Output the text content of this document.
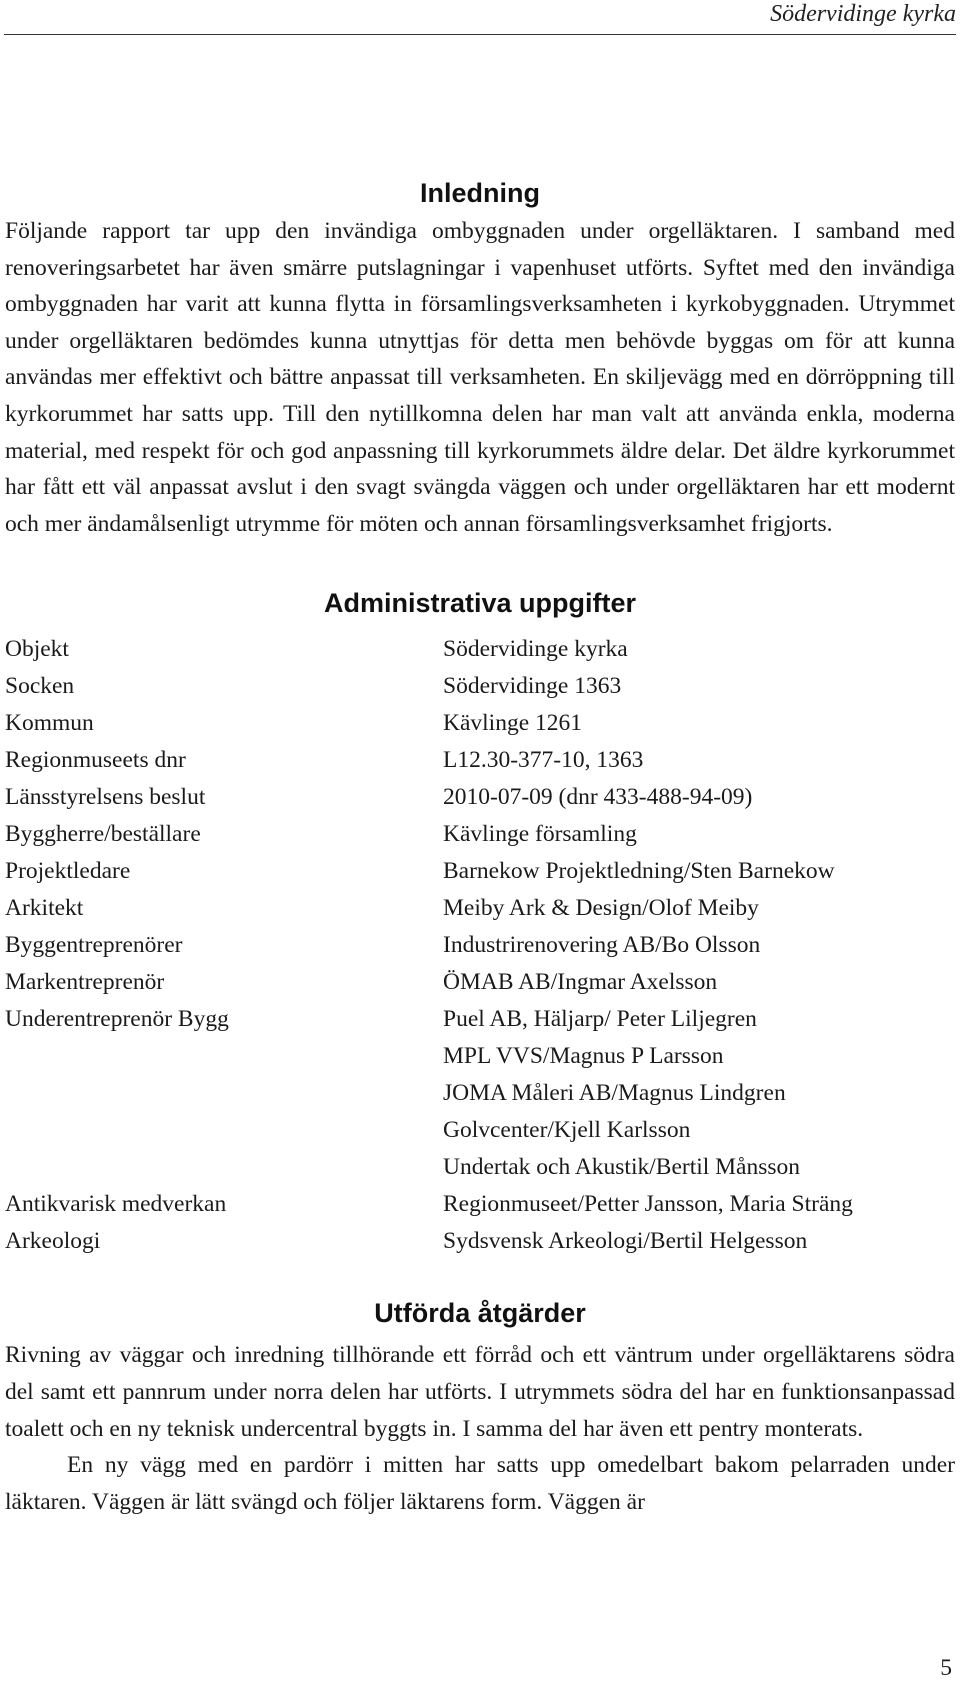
Södervidinge kyrka
Inledning

Följande rapport tar upp den invändiga ombyggnaden under orgelläktaren. I samband med renoveringsarbetet har även smärre putslagningar i vapenhuset utförts. Syftet med den invändiga ombyggnaden har varit att kunna flytta in församlingsverksamheten i kyrkobyggnaden. Utrymmet under orgelläktaren bedömdes kunna utnyttjas för detta men behövde byggas om för att kunna användas mer effektivt och bättre anpassat till verksamheten. En skiljevägg med en dörröppning till kyrkorummet har satts upp. Till den nytillkomna delen har man valt att använda enkla, moderna material, med respekt för och god anpassning till kyrkorummets äldre delar. Det äldre kyrkorummet har fått ett väl anpassat avslut i den svagt svängda väggen och under orgelläktaren har ett modernt och mer ändamålsenligt utrymme för möten och annan församlingsverksamhet frigjorts.

Administrativa uppgifter
Objekt	Södervidinge kyrka
Socken	Södervidinge 1363
Kommun	Kävlinge 1261
Regionmuseets dnr	L12.30-377-10, 1363
Länsstyrelsens beslut	2010-07-09 (dnr 433-488-94-09)
Byggherre/beställare	Kävlinge församling
Projektledare	Barnekow Projektledning/Sten Barnekow
Arkitekt	Meiby Ark & Design/Olof Meiby
Byggentreprenörer	Industrirenovering AB/Bo Olsson
Markentreprenör	ÖMAB AB/Ingmar Axelsson
Underentreprenör Bygg	Puel AB, Häljarp/ Peter Liljegren
	MPL VVS/Magnus P Larsson
	JOMA Måleri AB/Magnus Lindgren
	Golvcenter/Kjell Karlsson
	Undertak och Akustik/Bertil Månsson
Antikvarisk medverkan	Regionmuseet/Petter Jansson, Maria Sträng
Arkeologi	Sydsvensk Arkeologi/Bertil Helgesson
Utförda åtgärder

Rivning av väggar och inredning tillhörande ett förråd och ett väntrum under orgelläktarens södra del samt ett pannrum under norra delen har utförts. I utrymmets södra del har en funktionsanpassad toalett och en ny teknisk undercentral byggts in. I samma del har även ett pentry monterats.

En ny vägg med en pardörr i mitten har satts upp omedelbart bakom pelarraden under läktaren. Väggen är lätt svängd och följer läktarens form. Väggen är

5
